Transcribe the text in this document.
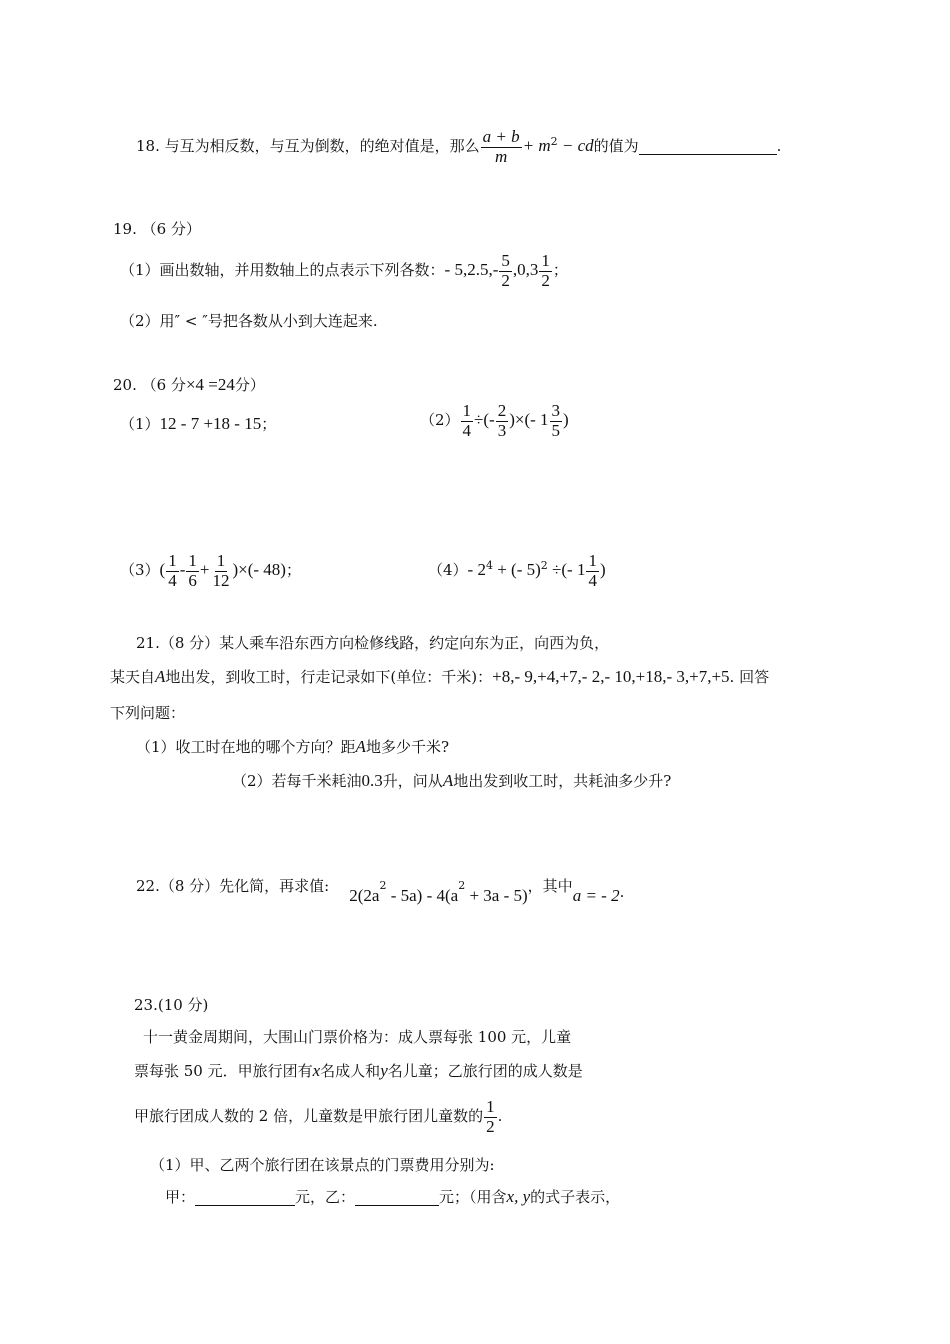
18. 与互为相反数，与互为倒数，的绝对值是，那么 $\frac{a + b}{m} + m^2$ − cd的值为	.
19. （6 分）
（1）画出数轴，并用数轴上的点表示下列各数：- $5,2.5,- \frac{5}{2} ,0,3 \frac{1}{2}$ ；
（2）用″ < ″号把各数从小到大连起来.
20. （6 分×4 =24分）
（1）12 - 7 +18 - 15；	$(2) \frac{1}{4}$ ÷(- $\frac{2}{3}$ )×(- $1 \frac{3}{5}$ )
$(3)( \frac{1}{4} - \frac{1}{6} + \frac{1}{12}$ )×(- 48)；	（4）- $2^4$ + (- 5)$^2$ ÷(- $1 \frac{1}{4}$ )
21.（8 分）某人乘车沿东西方向检修线路，约定向东为正，向西为负，
某天自A地出发，到收工时，行走记录如下(单位：千米)：+8,- 9,+4,+7,- 2,- 10,+18,- 3,+7,+5. 回答
下列问题：
（1）收工时在地的哪个方向？距A地多少千米?
（2）若每千米耗油0.3升，问从A地出发到收工时，共耗油多少升?
22.（8 分）先化简，再求值: $2(2a^2 - 5a) - 4(a^2 + 3a - 5)$，其中a = - 2.
23.(10 分)
十一黄金周期间，大围山门票价格为：成人票每张 100 元，儿童
票每张 50 元．甲旅行团有x名成人和y名儿童；乙旅行团的成人数是
甲旅行团成人数的 2 倍，儿童数是甲旅行团儿童数的 $\frac{1}{2}$ .
（1）甲、乙两个旅行团在该景点的门票费用分别为:
甲：	元，乙：	元；（用含x, y的式子表示，
